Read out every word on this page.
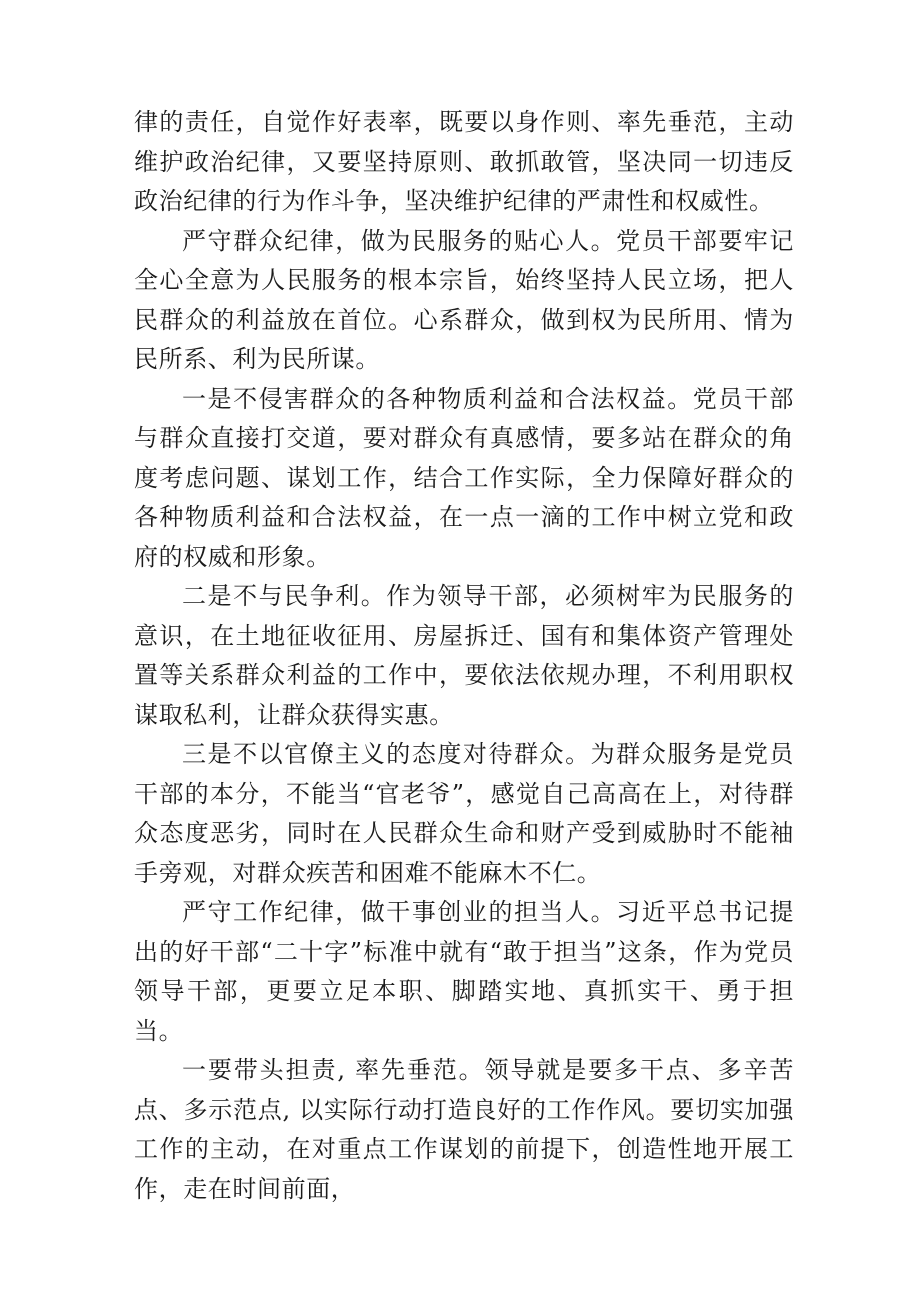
律的责任，自觉作好表率，既要以身作则、率先垂范，主动维护政治纪律，又要坚持原则、敢抓敢管，坚决同一切违反政治纪律的行为作斗争，坚决维护纪律的严肃性和权威性。

严守群众纪律，做为民服务的贴心人。党员干部要牢记全心全意为人民服务的根本宗旨，始终坚持人民立场，把人民群众的利益放在首位。心系群众，做到权为民所用、情为民所系、利为民所谋。

一是不侵害群众的各种物质利益和合法权益。党员干部与群众直接打交道，要对群众有真感情，要多站在群众的角度考虑问题、谋划工作，结合工作实际，全力保障好群众的各种物质利益和合法权益，在一点一滴的工作中树立党和政府的权威和形象。

二是不与民争利。作为领导干部，必须树牢为民服务的意识，在土地征收征用、房屋拆迁、国有和集体资产管理处置等关系群众利益的工作中，要依法依规办理，不利用职权谋取私利，让群众获得实惠。

三是不以官僚主义的态度对待群众。为群众服务是党员干部的本分，不能当“官老爷”，感觉自己高高在上，对待群众态度恶劣，同时在人民群众生命和财产受到威胁时不能袖手旁观，对群众疾苦和困难不能麻木不仁。

严守工作纪律，做干事创业的担当人。习近平总书记提出的好干部“二十字”标准中就有“敢于担当”这条，作为党员领导干部，更要立足本职、脚踏实地、真抓实干、勇于担当。

一要带头担责, 率先垂范。领导就是要多干点、多辛苦点、多示范点, 以实际行动打造良好的工作作风。要切实加强工作的主动，在对重点工作谋划的前提下，创造性地开展工作，走在时间前面，
